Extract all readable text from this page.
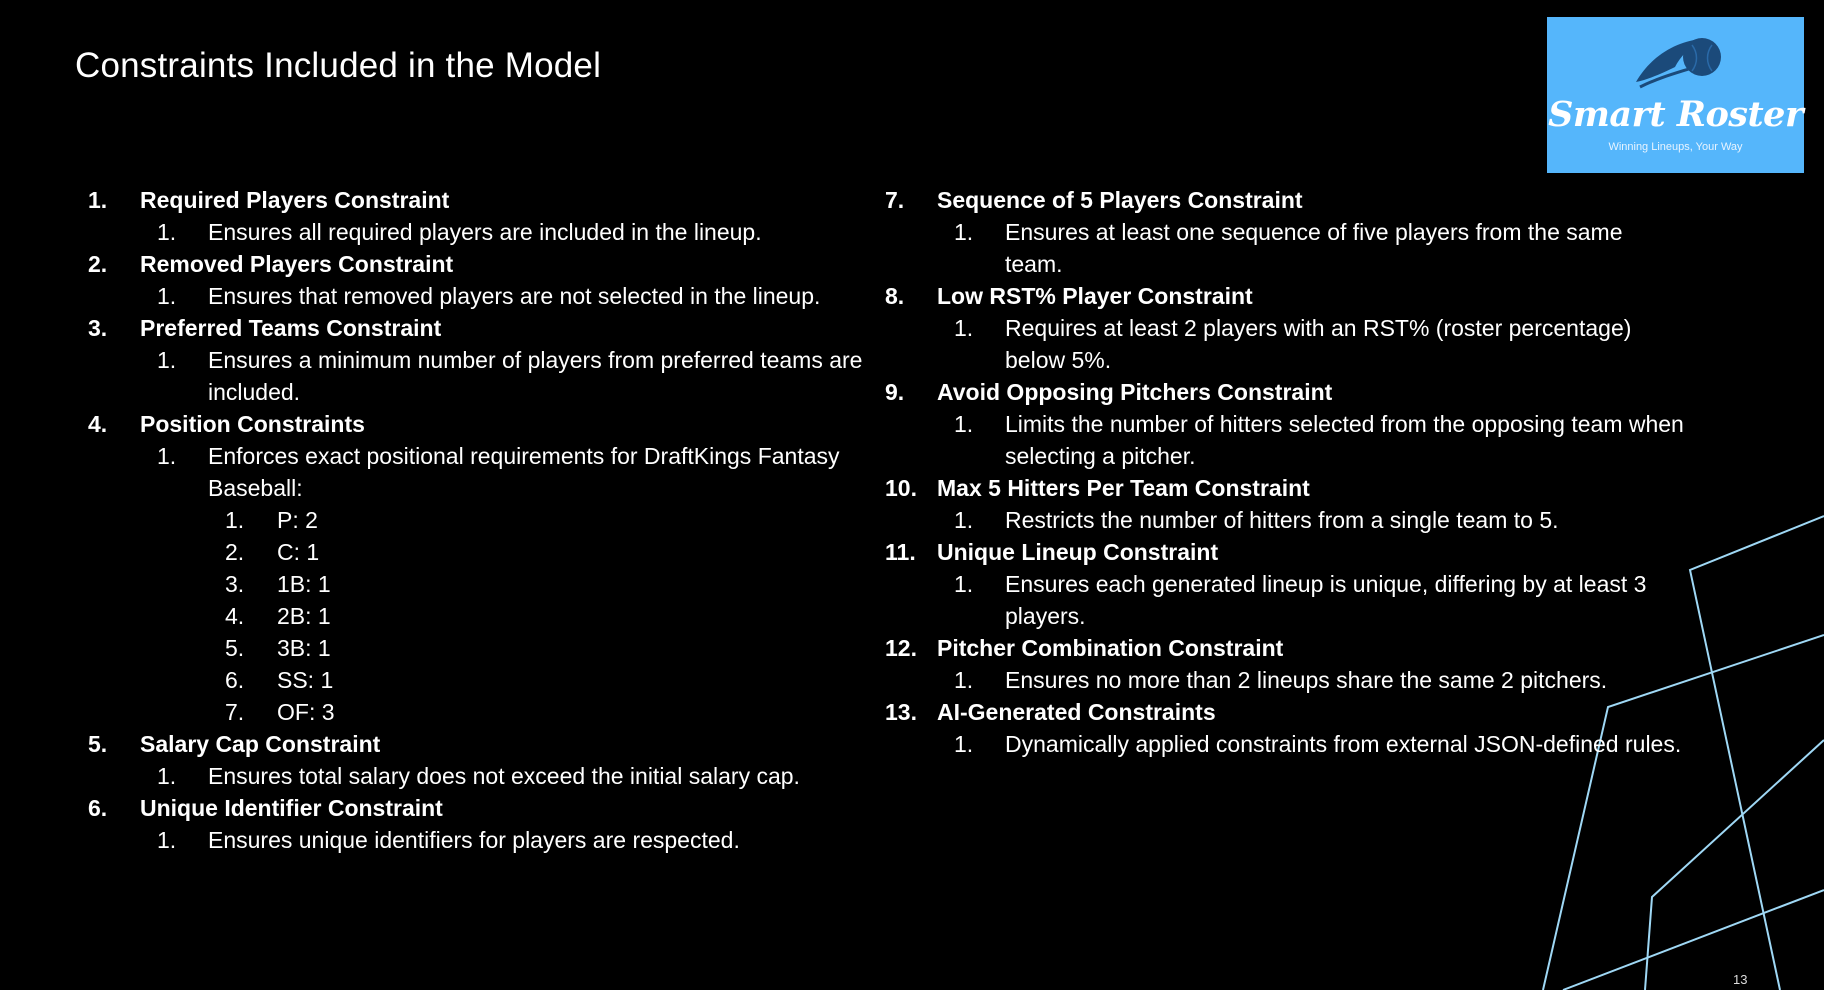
Constraints Included in the Model
Smart Roster
Winning Lineups, Your Way
1. Required Players Constraint
1. Ensures all required players are included in the lineup.
2. Removed Players Constraint
1. Ensures that removed players are not selected in the lineup.
3. Preferred Teams Constraint
1. Ensures a minimum number of players from preferred teams are included.
4. Position Constraints
1. Enforces exact positional requirements for DraftKings Fantasy Baseball:
1. P: 2
2. C: 1
3. 1B: 1
4. 2B: 1
5. 3B: 1
6. SS: 1
7. OF: 3
5. Salary Cap Constraint
1. Ensures total salary does not exceed the initial salary cap.
6. Unique Identifier Constraint
1. Ensures unique identifiers for players are respected.
7. Sequence of 5 Players Constraint
1. Ensures at least one sequence of five players from the same team.
8. Low RST% Player Constraint
1. Requires at least 2 players with an RST% (roster percentage) below 5%.
9. Avoid Opposing Pitchers Constraint
1. Limits the number of hitters selected from the opposing team when selecting a pitcher.
10. Max 5 Hitters Per Team Constraint
1. Restricts the number of hitters from a single team to 5.
11. Unique Lineup Constraint
1. Ensures each generated lineup is unique, differing by at least 3 players.
12. Pitcher Combination Constraint
1. Ensures no more than 2 lineups share the same 2 pitchers.
13. AI-Generated Constraints
1. Dynamically applied constraints from external JSON-defined rules.
13
